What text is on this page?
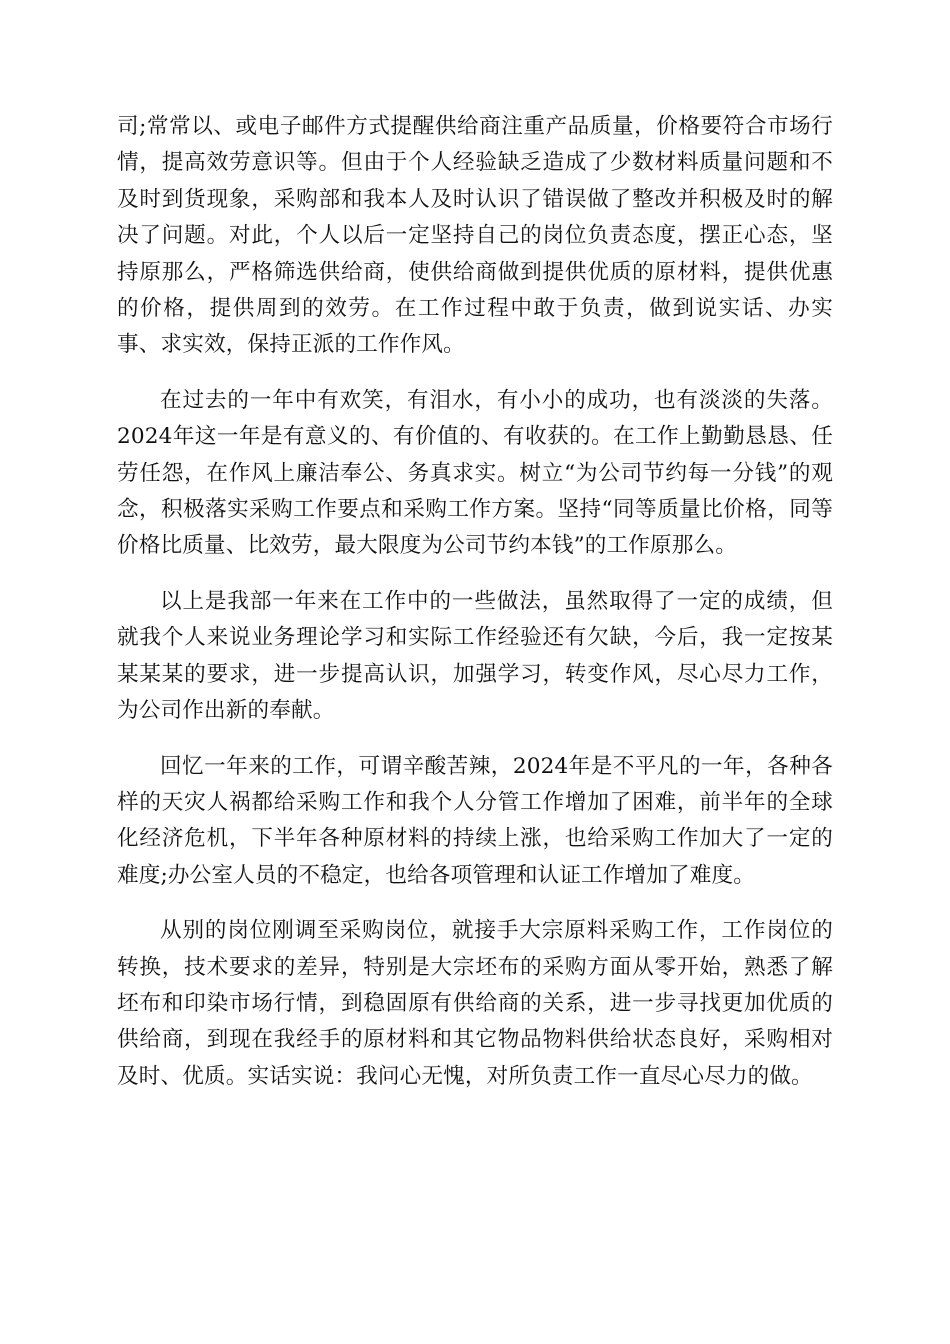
司;常常以、或电子邮件方式提醒供给商注重产品质量，价格要符合市场行情，提高效劳意识等。但由于个人经验缺乏造成了少数材料质量问题和不及时到货现象，采购部和我本人及时认识了错误做了整改并积极及时的解决了问题。对此，个人以后一定坚持自己的岗位负责态度，摆正心态，坚持原那么，严格筛选供给商，使供给商做到提供优质的原材料，提供优惠的价格，提供周到的效劳。在工作过程中敢于负责，做到说实话、办实事、求实效，保持正派的工作作风。

在过去的一年中有欢笑，有泪水，有小小的成功，也有淡淡的失落。2024年这一年是有意义的、有价值的、有收获的。在工作上勤勤恳恳、任劳任怨，在作风上廉洁奉公、务真求实。树立“为公司节约每一分钱”的观念，积极落实采购工作要点和采购工作方案。坚持“同等质量比价格，同等价格比质量、比效劳，最大限度为公司节约本钱”的工作原那么。

以上是我部一年来在工作中的一些做法，虽然取得了一定的成绩，但就我个人来说业务理论学习和实际工作经验还有欠缺，今后，我一定按某某某某的要求，进一步提高认识，加强学习，转变作风，尽心尽力工作，为公司作出新的奉献。

回忆一年来的工作，可谓辛酸苦辣，2024年是不平凡的一年，各种各样的天灾人祸都给采购工作和我个人分管工作增加了困难，前半年的全球化经济危机，下半年各种原材料的持续上涨，也给采购工作加大了一定的难度;办公室人员的不稳定，也给各项管理和认证工作增加了难度。

从别的岗位刚调至采购岗位，就接手大宗原料采购工作，工作岗位的转换，技术要求的差异，特别是大宗坯布的采购方面从零开始，熟悉了解坯布和印染市场行情，到稳固原有供给商的关系，进一步寻找更加优质的供给商，到现在我经手的原材料和其它物品物料供给状态良好，采购相对及时、优质。实话实说：我问心无愧，对所负责工作一直尽心尽力的做。
